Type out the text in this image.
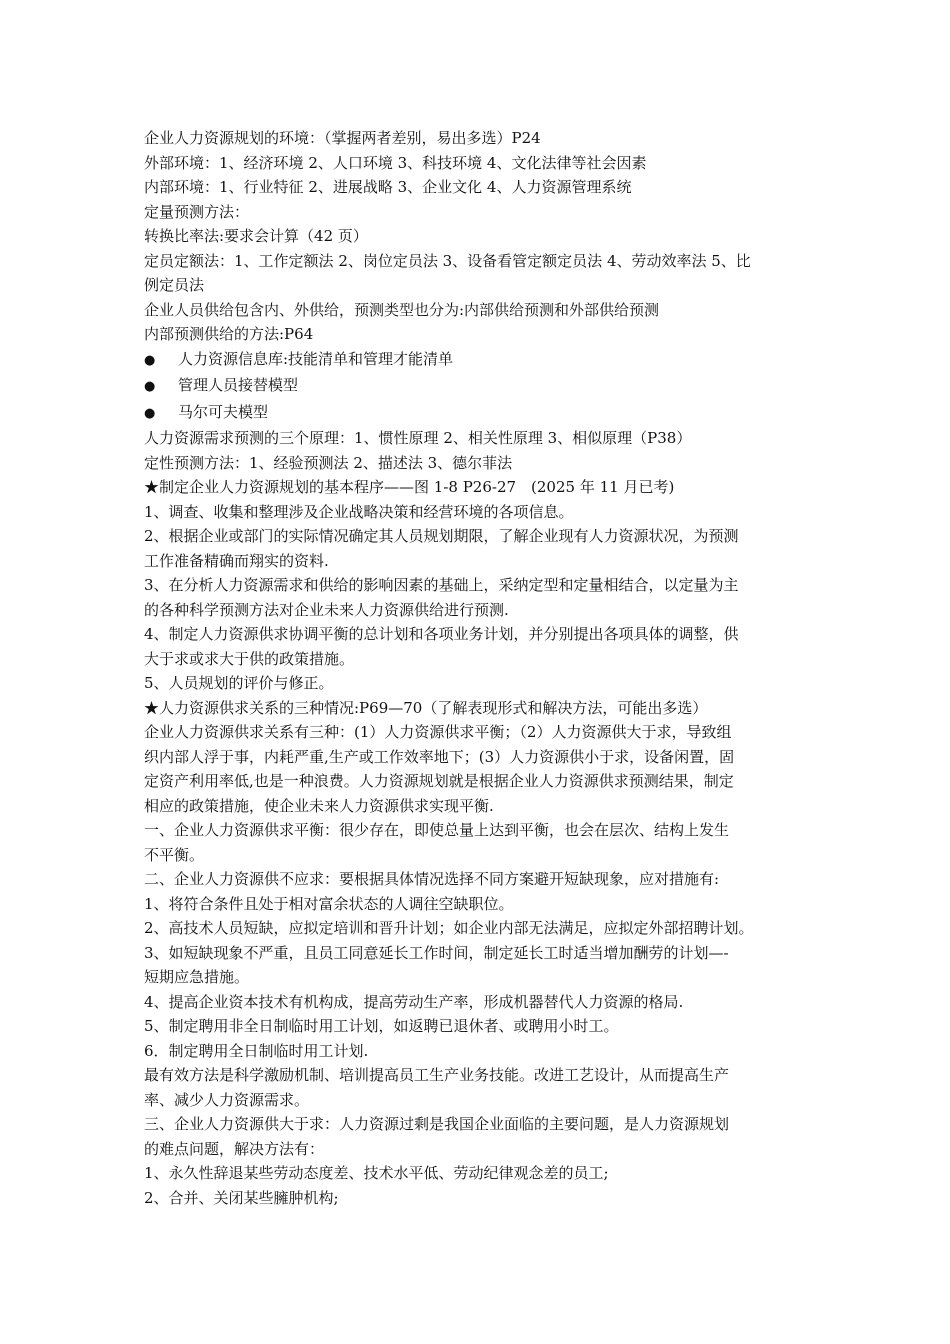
企业人力资源规划的环境：（掌握两者差别，易出多选）P24
外部环境：1、经济环境 2、人口环境 3、科技环境 4、文化法律等社会因素
内部环境：1、行业特征 2、进展战略 3、企业文化 4、人力资源管理系统
定量预测方法：
转换比率法:要求会计算（42 页）
定员定额法：1、工作定额法 2、岗位定员法 3、设备看管定额定员法 4、劳动效率法 5、比
例定员法
企业人员供给包含内、外供给，预测类型也分为:内部供给预测和外部供给预测
内部预测供给的方法:P64
● 人力资源信息库:技能清单和管理才能清单
● 管理人员接替模型
● 马尔可夫模型
人力资源需求预测的三个原理：1、惯性原理 2、相关性原理 3、相似原理（P38）
定性预测方法：1、经验预测法 2、描述法 3、德尔菲法
★制定企业人力资源规划的基本程序——图 1-8 P26-27　(2025 年 11 月已考)
1、调查、收集和整理涉及企业战略决策和经营环境的各项信息。
2、根据企业或部门的实际情况确定其人员规划期限，了解企业现有人力资源状况，为预测
工作准备精确而翔实的资料.
3、在分析人力资源需求和供给的影响因素的基础上，采纳定型和定量相结合，以定量为主
的各种科学预测方法对企业未来人力资源供给进行预测.
4、制定人力资源供求协调平衡的总计划和各项业务计划，并分别提出各项具体的调整，供
大于求或求大于供的政策措施。
5、人员规划的评价与修正。
★人力资源供求关系的三种情况:P69—70（了解表现形式和解决方法，可能出多选）
企业人力资源供求关系有三种：(1）人力资源供求平衡；（2）人力资源供大于求，导致组
织内部人浮于事，内耗严重,生产或工作效率地下；(3）人力资源供小于求，设备闲置，固
定资产利用率低,也是一种浪费。人力资源规划就是根据企业人力资源供求预测结果，制定
相应的政策措施，使企业未来人力资源供求实现平衡.
一、企业人力资源供求平衡：很少存在，即使总量上达到平衡，也会在层次、结构上发生
不平衡。
二、企业人力资源供不应求：要根据具体情况选择不同方案避开短缺现象，应对措施有:
1、将符合条件且处于相对富余状态的人调往空缺职位。
2、高技术人员短缺，应拟定培训和晋升计划；如企业内部无法满足，应拟定外部招聘计划。
3、如短缺现象不严重，且员工同意延长工作时间，制定延长工时适当增加酬劳的计划—-
短期应急措施。
4、提高企业资本技术有机构成，提高劳动生产率，形成机器替代人力资源的格局.
5、制定聘用非全日制临时用工计划，如返聘已退休者、或聘用小时工。
6．制定聘用全日制临时用工计划.
最有效方法是科学激励机制、培训提高员工生产业务技能。改进工艺设计，从而提高生产
率、减少人力资源需求。
三、企业人力资源供大于求：人力资源过剩是我国企业面临的主要问题，是人力资源规划
的难点问题，解决方法有：
1、永久性辞退某些劳动态度差、技术水平低、劳动纪律观念差的员工;
2、合并、关闭某些臃肿机构;
